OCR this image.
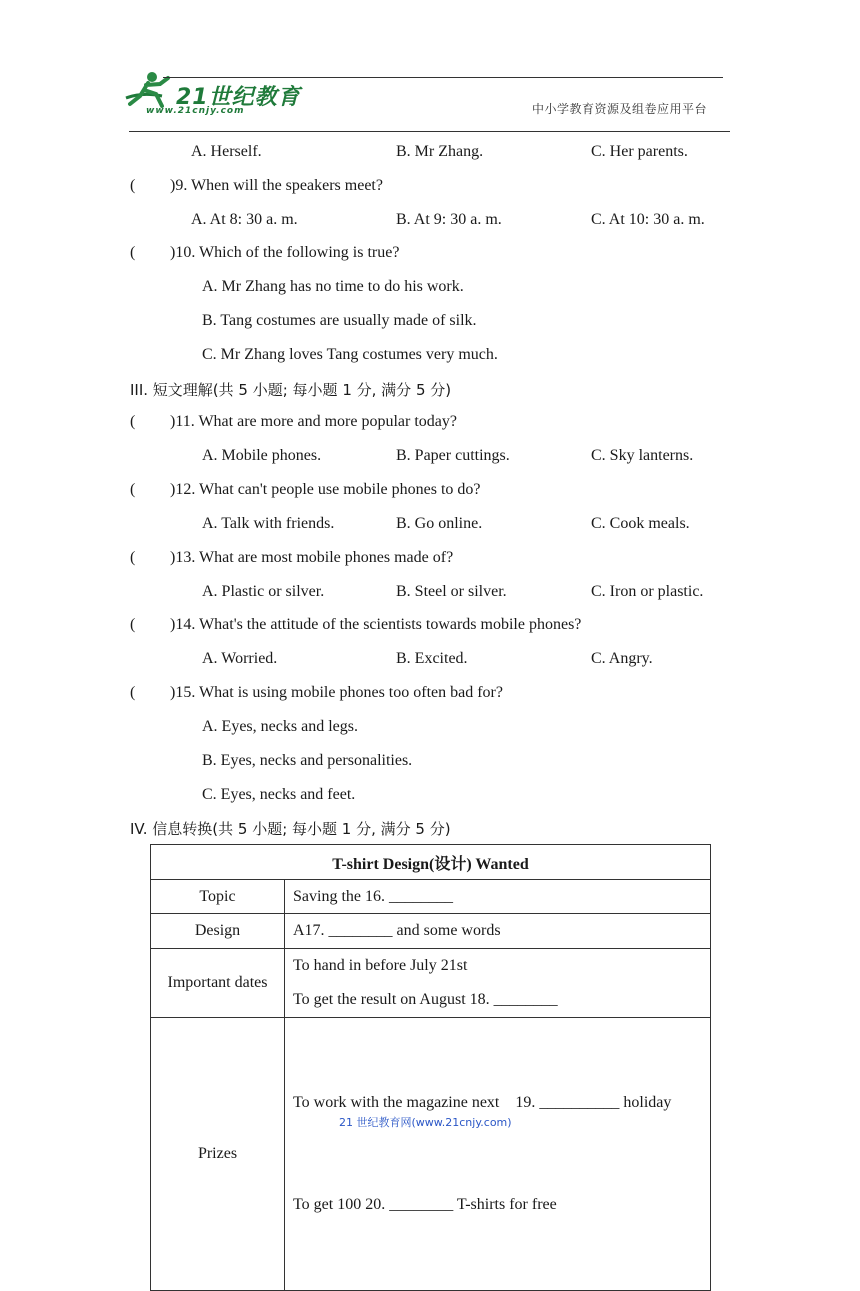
21世纪教育
www.21cnjy.com	中小学教育资源及组卷应用平台
A. Herself.	B. Mr Zhang.	C. Her parents.
( )9. When will the speakers meet?
A. At 8: 30 a. m.	B. At 9: 30 a. m.	C. At 10: 30 a. m.
( )10. Which of the following is true?
A. Mr Zhang has no time to do his work.
B. Tang costumes are usually made of silk.
C. Mr Zhang loves Tang costumes very much.
III. 短文理解(共 5 小题; 每小题 1 分, 满分 5 分)
( )11. What are more and more popular today?
A. Mobile phones.	B. Paper cuttings.	C. Sky lanterns.
( )12. What can't people use mobile phones to do?
A. Talk with friends.	B. Go online.	C. Cook meals.
( )13. What are most mobile phones made of?
A. Plastic or silver.	B. Steel or silver.	C. Iron or plastic.
( )14. What's the attitude of the scientists towards mobile phones?
A. Worried.	B. Excited.	C. Angry.
( )15. What is using mobile phones too often bad for?
A. Eyes, necks and legs.
B. Eyes, necks and personalities.
C. Eyes, necks and feet.
IV. 信息转换(共 5 小题; 每小题 1 分, 满分 5 分)
T-shirt Design(设计) Wanted	
Topic	Saving the 16. ________
Design	A17. ________ and some words
Important dates	To hand in before July 21st
To get the result on August 18. ________

Prizes	To work with the magazine next    19. __________ holiday

To get 100 20. ________ T-shirts for free

21 世纪教育网(www.21cnjy.com)
